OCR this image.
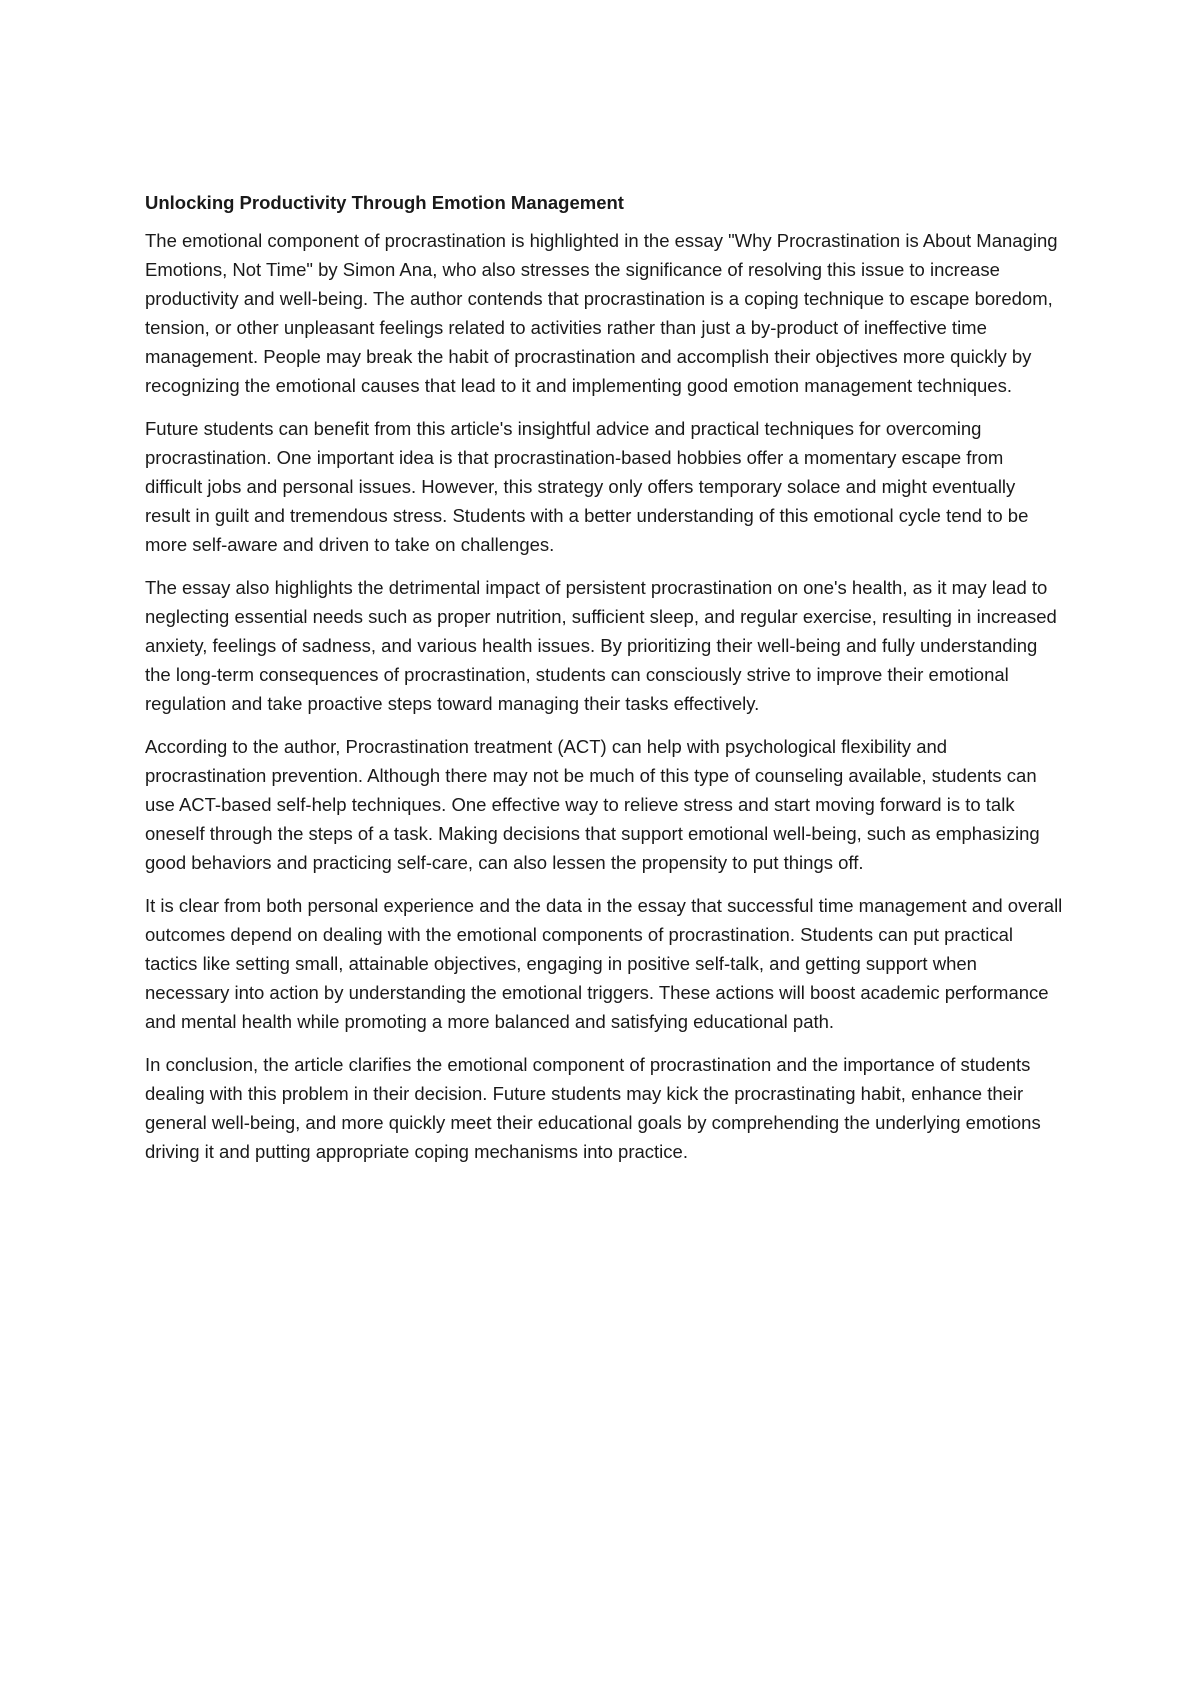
Unlocking Productivity Through Emotion Management

The emotional component of procrastination is highlighted in the essay "Why Procrastination is About Managing Emotions, Not Time" by Simon Ana, who also stresses the significance of resolving this issue to increase productivity and well-being. The author contends that procrastination is a coping technique to escape boredom, tension, or other unpleasant feelings related to activities rather than just a by-product of ineffective time management. People may break the habit of procrastination and accomplish their objectives more quickly by recognizing the emotional causes that lead to it and implementing good emotion management techniques.

Future students can benefit from this article's insightful advice and practical techniques for overcoming procrastination. One important idea is that procrastination-based hobbies offer a momentary escape from difficult jobs and personal issues. However, this strategy only offers temporary solace and might eventually result in guilt and tremendous stress. Students with a better understanding of this emotional cycle tend to be more self-aware and driven to take on challenges.

The essay also highlights the detrimental impact of persistent procrastination on one's health, as it may lead to neglecting essential needs such as proper nutrition, sufficient sleep, and regular exercise, resulting in increased anxiety, feelings of sadness, and various health issues. By prioritizing their well-being and fully understanding the long-term consequences of procrastination, students can consciously strive to improve their emotional regulation and take proactive steps toward managing their tasks effectively.

According to the author, Procrastination treatment (ACT) can help with psychological flexibility and procrastination prevention. Although there may not be much of this type of counseling available, students can use ACT-based self-help techniques. One effective way to relieve stress and start moving forward is to talk oneself through the steps of a task. Making decisions that support emotional well-being, such as emphasizing good behaviors and practicing self-care, can also lessen the propensity to put things off.

It is clear from both personal experience and the data in the essay that successful time management and overall outcomes depend on dealing with the emotional components of procrastination. Students can put practical tactics like setting small, attainable objectives, engaging in positive self-talk, and getting support when necessary into action by understanding the emotional triggers. These actions will boost academic performance and mental health while promoting a more balanced and satisfying educational path.

In conclusion, the article clarifies the emotional component of procrastination and the importance of students dealing with this problem in their decision. Future students may kick the procrastinating habit, enhance their general well-being, and more quickly meet their educational goals by comprehending the underlying emotions driving it and putting appropriate coping mechanisms into practice.
